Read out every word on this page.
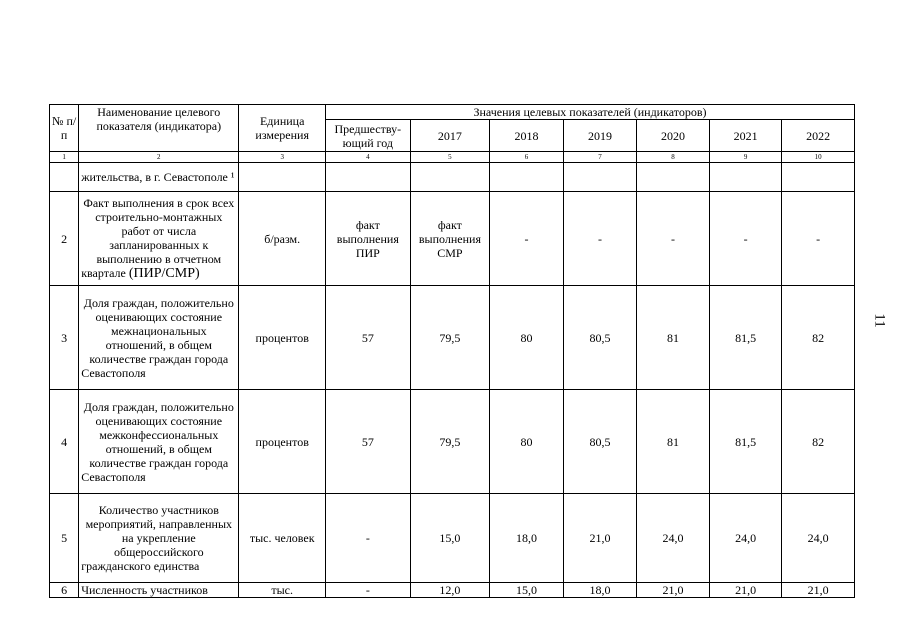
№ п/п	Наименование целевого показателя (индикатора)	Единица измерения	Значения целевых показателей (индикаторов)						
			Предшеству-ющий год	2017	2018	2019	2020	2021	2022
1	2	3	4	5	6	7	8	9	10
	жительства, в г. Севастополе ¹								
2	Факт выполнения в срок всех строительно-монтажных работ от числа запланированных к выполнению в отчетном квартале (ПИР/СМР)	б/разм.	факт выполнения ПИР	факт выполнения СМР	-	-	-	-	-
3	Доля граждан, положительно оценивающих состояние межнациональных отношений, в общем количестве граждан города Севастополя	процентов	57	79,5	80	80,5	81	81,5	82
4	Доля граждан, положительно оценивающих состояние межконфессиональных отношений, в общем количестве граждан города Севастополя	процентов	57	79,5	80	80,5	81	81,5	82
5	Количество участников мероприятий, направленных на укрепление общероссийского гражданского единства	тыс. человек	-	15,0	18,0	21,0	24,0	24,0	24,0
6	Численность участников	тыс.	-	12,0	15,0	18,0	21,0	21,0	21,0
11
